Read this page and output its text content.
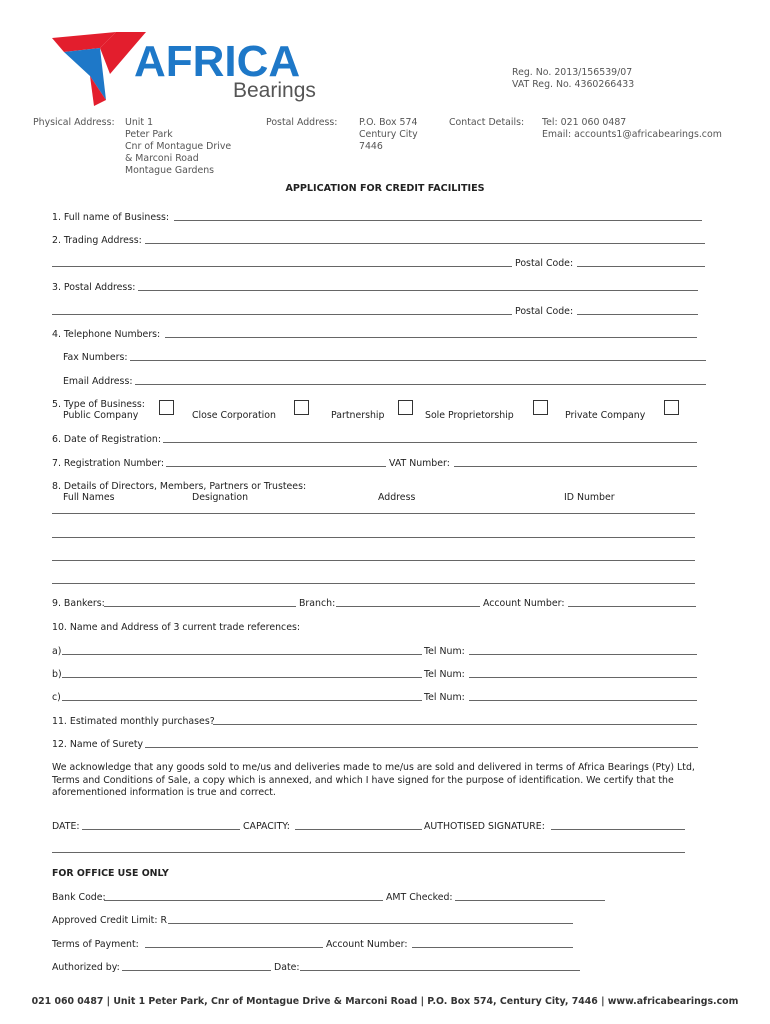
AFRICA
Bearings
Reg. No. 2013/156539/07
VAT Reg. No. 4360266433
Physical Address: Unit 1
Peter Park
Cnr of Montague Drive
& Marconi Road
Montague Gardens
Postal Address: P.O. Box 574
Century City
7446
Contact Details: Tel: 021 060 0487
Email: accounts1@africabearings.com
APPLICATION FOR CREDIT FACILITIES
1. Full name of Business:
2. Trading Address:
Postal Code:
3. Postal Address:
Postal Code:
4. Telephone Numbers:
Fax Numbers:
Email Address:
5. Type of Business:
Public Company	Close Corporation	Partnership	Sole Proprietorship	Private Company
6. Date of Registration:
7. Registration Number:	VAT Number:
8. Details of Directors, Members, Partners or Trustees:
Full Names	Designation	Address	ID Number
9. Bankers:	Branch:	Account Number:
10. Name and Address of 3 current trade references:
a)	Tel Num:
b)	Tel Num:
c)	Tel Num:
11. Estimated monthly purchases?
12. Name of Surety
We acknowledge that any goods sold to me/us and deliveries made to me/us are sold and delivered in terms of Africa Bearings (Pty) Ltd,
Terms and Conditions of Sale, a copy which is annexed, and which I have signed for the purpose of identification. We certify that the
aforementioned information is true and correct.
DATE:	CAPACITY:	AUTHOTISED SIGNATURE:
FOR OFFICE USE ONLY
Bank Code:	AMT Checked:
Approved Credit Limit: R
Terms of Payment:	Account Number:
Authorized by:	Date:
021 060 0487 | Unit 1 Peter Park, Cnr of Montague Drive & Marconi Road | P.O. Box 574, Century City, 7446 | www.africabearings.com
